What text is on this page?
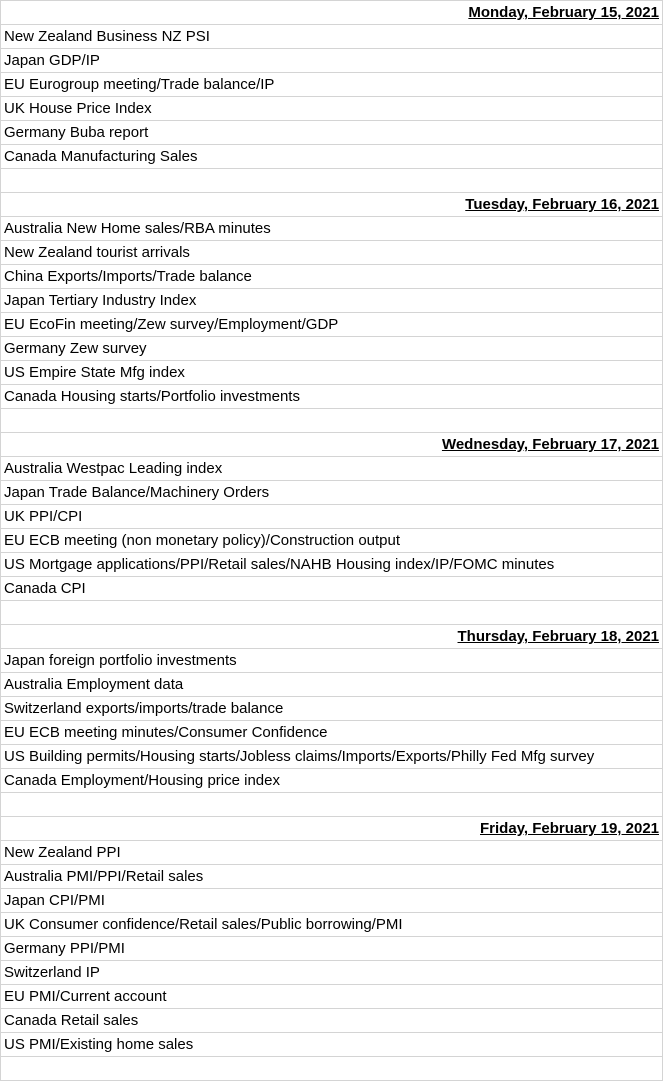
Monday, February 15, 2021
New Zealand Business NZ PSI
Japan GDP/IP
EU Eurogroup meeting/Trade balance/IP
UK House Price Index
Germany Buba report
Canada Manufacturing Sales
Tuesday, February 16, 2021
Australia New Home sales/RBA minutes
New Zealand tourist arrivals
China Exports/Imports/Trade balance
Japan Tertiary Industry Index
EU EcoFin meeting/Zew survey/Employment/GDP
Germany Zew survey
US Empire State Mfg index
Canada Housing starts/Portfolio investments
Wednesday, February 17, 2021
Australia Westpac Leading index
Japan Trade Balance/Machinery Orders
UK PPI/CPI
EU ECB meeting (non monetary policy)/Construction output
US Mortgage applications/PPI/Retail sales/NAHB Housing index/IP/FOMC minutes
Canada CPI
Thursday, February 18, 2021
Japan foreign portfolio investments
Australia Employment data
Switzerland exports/imports/trade balance
EU ECB meeting minutes/Consumer Confidence
US Building permits/Housing starts/Jobless claims/Imports/Exports/Philly Fed Mfg survey
Canada Employment/Housing price index
Friday, February 19, 2021
New Zealand PPI
Australia PMI/PPI/Retail sales
Japan CPI/PMI
UK Consumer confidence/Retail sales/Public borrowing/PMI
Germany PPI/PMI
Switzerland IP
EU PMI/Current account
Canada Retail sales
US PMI/Existing home sales
